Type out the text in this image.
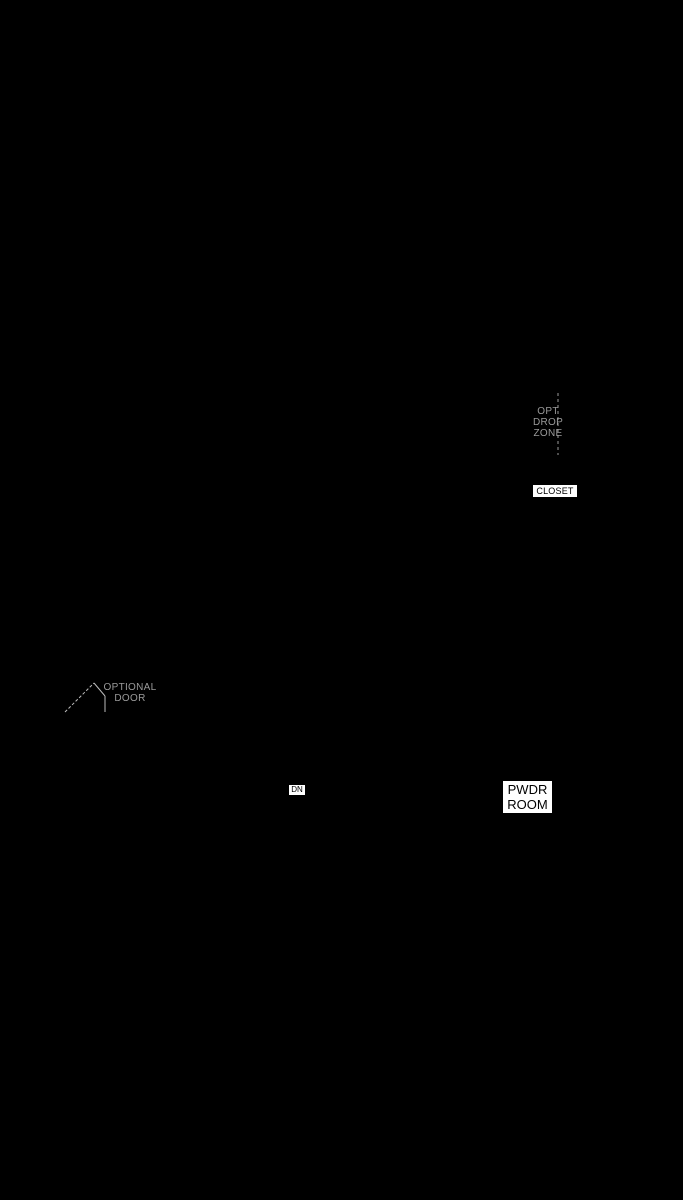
OPT
DROP
ZONE
CLOSET
OPTIONAL
DOOR
DN	PWDR
ROOM
